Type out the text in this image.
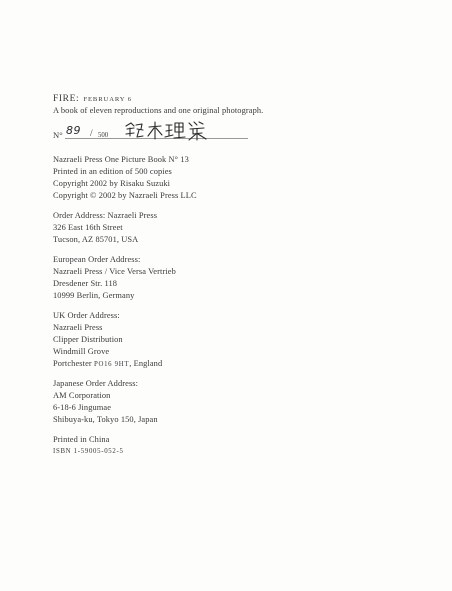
FIRE: FEBRUARY 6
A book of eleven reproductions and one original photograph.
N° 89 / 500
Nazraeli Press One Picture Book N° 13
Printed in an edition of 500 copies
Copyright 2002 by Risaku Suzuki
Copyright © 2002 by Nazraeli Press LLC
Order Address: Nazraeli Press
326 East 16th Street
Tucson, AZ 85701, USA
European Order Address:
Nazraeli Press / Vice Versa Vertrieb
Dresdener Str. 118
10999 Berlin, Germany
UK Order Address:
Nazraeli Press
Clipper Distribution
Windmill Grove
Portchester PO16 9HT, England
Japanese Order Address:
AM Corporation
6-18-6 Jingumae
Shibuya-ku, Tokyo 150, Japan
Printed in China
ISBN 1-59005-052-5
